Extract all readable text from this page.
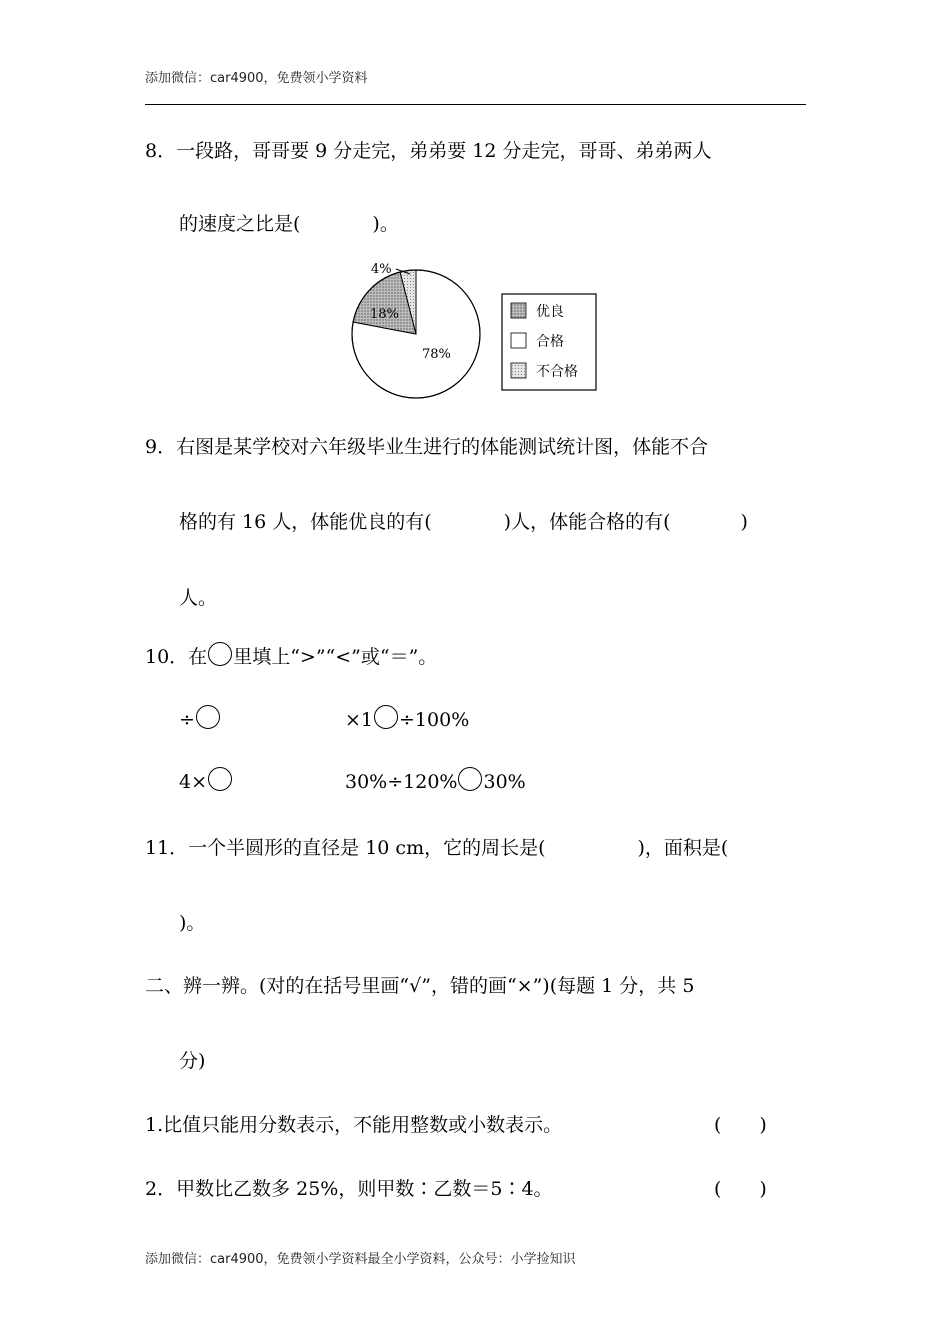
添加微信：car4900，免费领小学资料
8．一段路，哥哥要 9 分走完，弟弟要 12 分走完，哥哥、弟弟两人
的速度之比是(	)。
18%
78%
4%
优良
合格
不合格
9．右图是某学校对六年级毕业生进行的体能测试统计图，体能不合
格的有 16 人，体能优良的有(	)人，体能合格的有(	)
人。
10．在 里填上“>”“<”或“＝”。
÷	×1 ÷100%
4×	30%÷120% 30%
11．一个半圆形的直径是 10 cm，它的周长是(	)，面积是(
)。
二、辨一辨。(对的在括号里画“√”，错的画“×”)(每题 1 分，共 5
分)
1.比值只能用分数表示，不能用整数或小数表示。	(　　)
2．甲数比乙数多 25%，则甲数∶乙数＝5∶4。	(　　)
添加微信：car4900，免费领小学资料最全小学资料，公众号：小学捡知识
